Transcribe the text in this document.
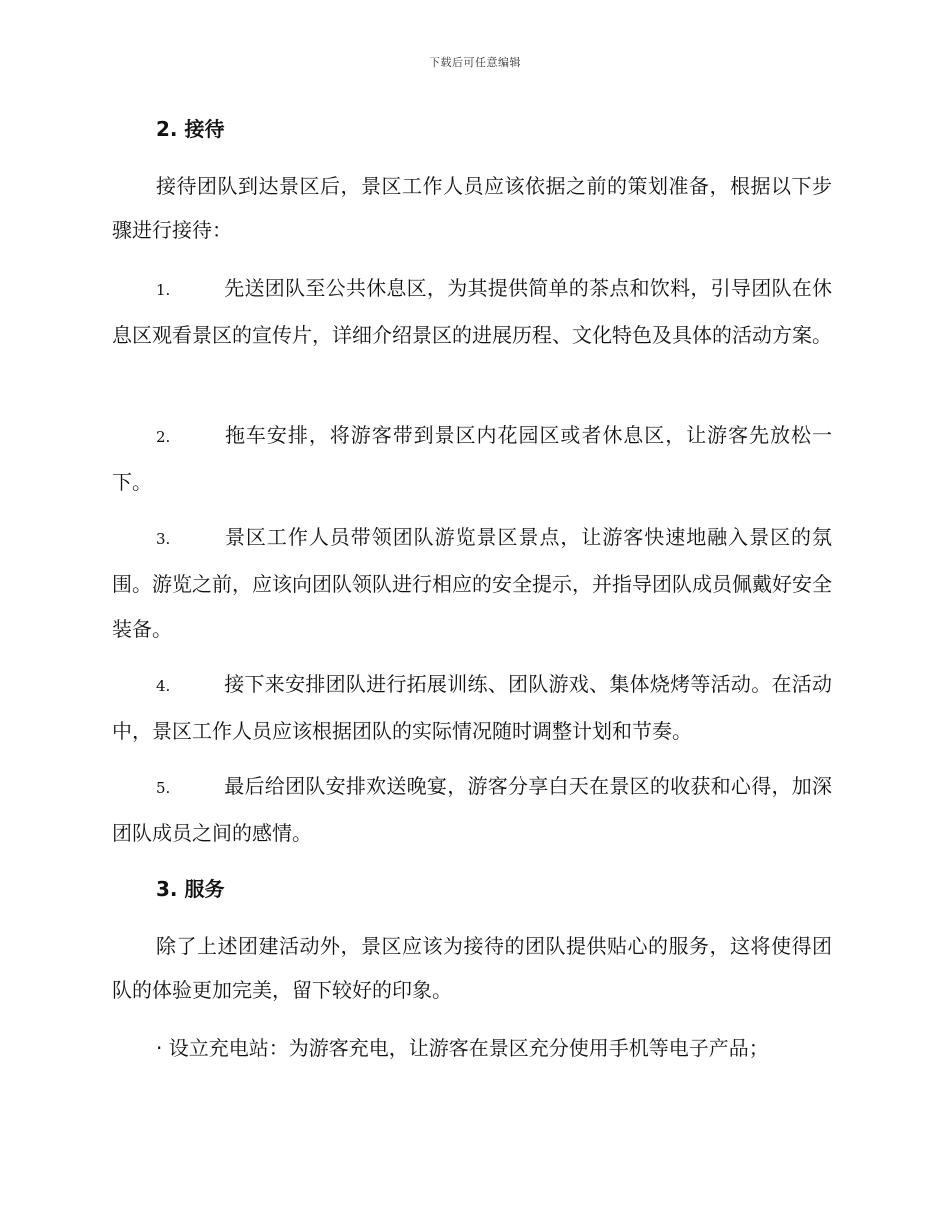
下载后可任意编辑
2. 接待
接待团队到达景区后，景区工作人员应该依据之前的策划准备，根据以下步骤进行接待：
1.	先送团队至公共休息区，为其提供简单的茶点和饮料，引导团队在休息区观看景区的宣传片，详细介绍景区的进展历程、文化特色及具体的活动方案。
2.	拖车安排，将游客带到景区内花园区或者休息区，让游客先放松一下。
3.	景区工作人员带领团队游览景区景点，让游客快速地融入景区的氛围。游览之前，应该向团队领队进行相应的安全提示，并指导团队成员佩戴好安全装备。
4.	接下来安排团队进行拓展训练、团队游戏、集体烧烤等活动。在活动中，景区工作人员应该根据团队的实际情况随时调整计划和节奏。
5.	最后给团队安排欢送晚宴，游客分享白天在景区的收获和心得，加深团队成员之间的感情。
3. 服务
除了上述团建活动外，景区应该为接待的团队提供贴心的服务，这将使得团队的体验更加完美，留下较好的印象。
· 设立充电站：为游客充电，让游客在景区充分使用手机等电子产品；
